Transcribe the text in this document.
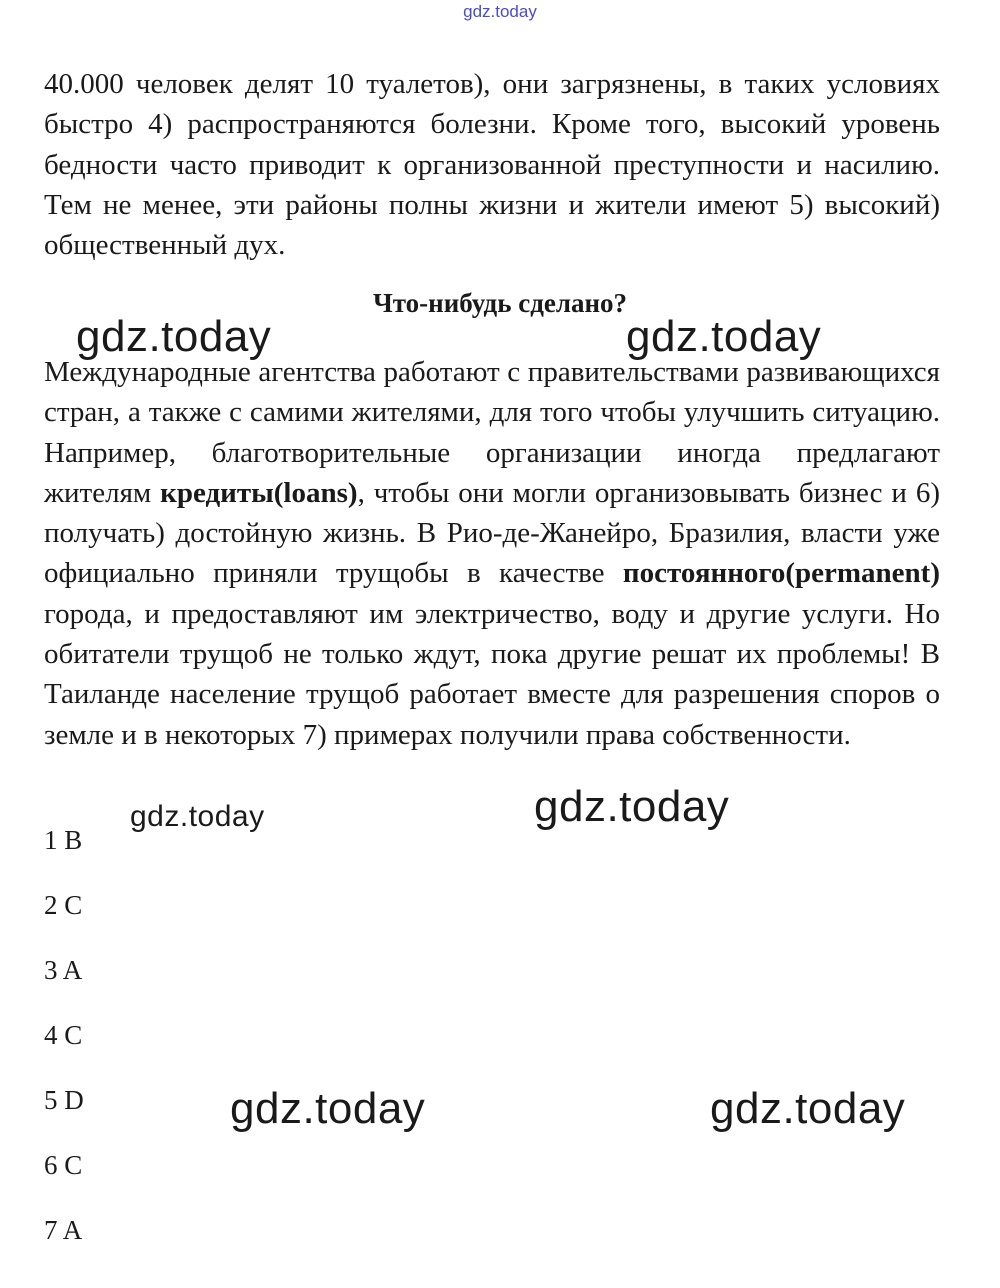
gdz.today
40.000 человек делят 10 туалетов), они загрязнены, в таких условиях быстро 4) распространяются болезни. Кроме того, высокий уровень бедности часто приводит к организованной преступности и насилию. Тем не менее, эти районы полны жизни и жители имеют 5) высокий) общественный дух.
Что-нибудь сделано?
Международные агентства работают с правительствами развивающихся стран, а также с самими жителями, для того чтобы улучшить ситуацию. Например, благотворительные организации иногда предлагают жителям кредиты(loans), чтобы они могли организовывать бизнес и 6) получать) достойную жизнь. В Рио-де-Жанейро, Бразилия, власти уже официально приняли трущобы в качестве постоянного(permanent) города, и предоставляют им электричество, воду и другие услуги. Но обитатели трущоб не только ждут, пока другие решат их проблемы! В Таиланде население трущоб работает вместе для разрешения споров о земле и в некоторых 7) примерах получили права собственности.
1 B
2 C
3 A
4 C
5 D
6 C
7 A
gdz.today	gdz.today
gdz.today	gdz.today
gdz.today	gdz.today
